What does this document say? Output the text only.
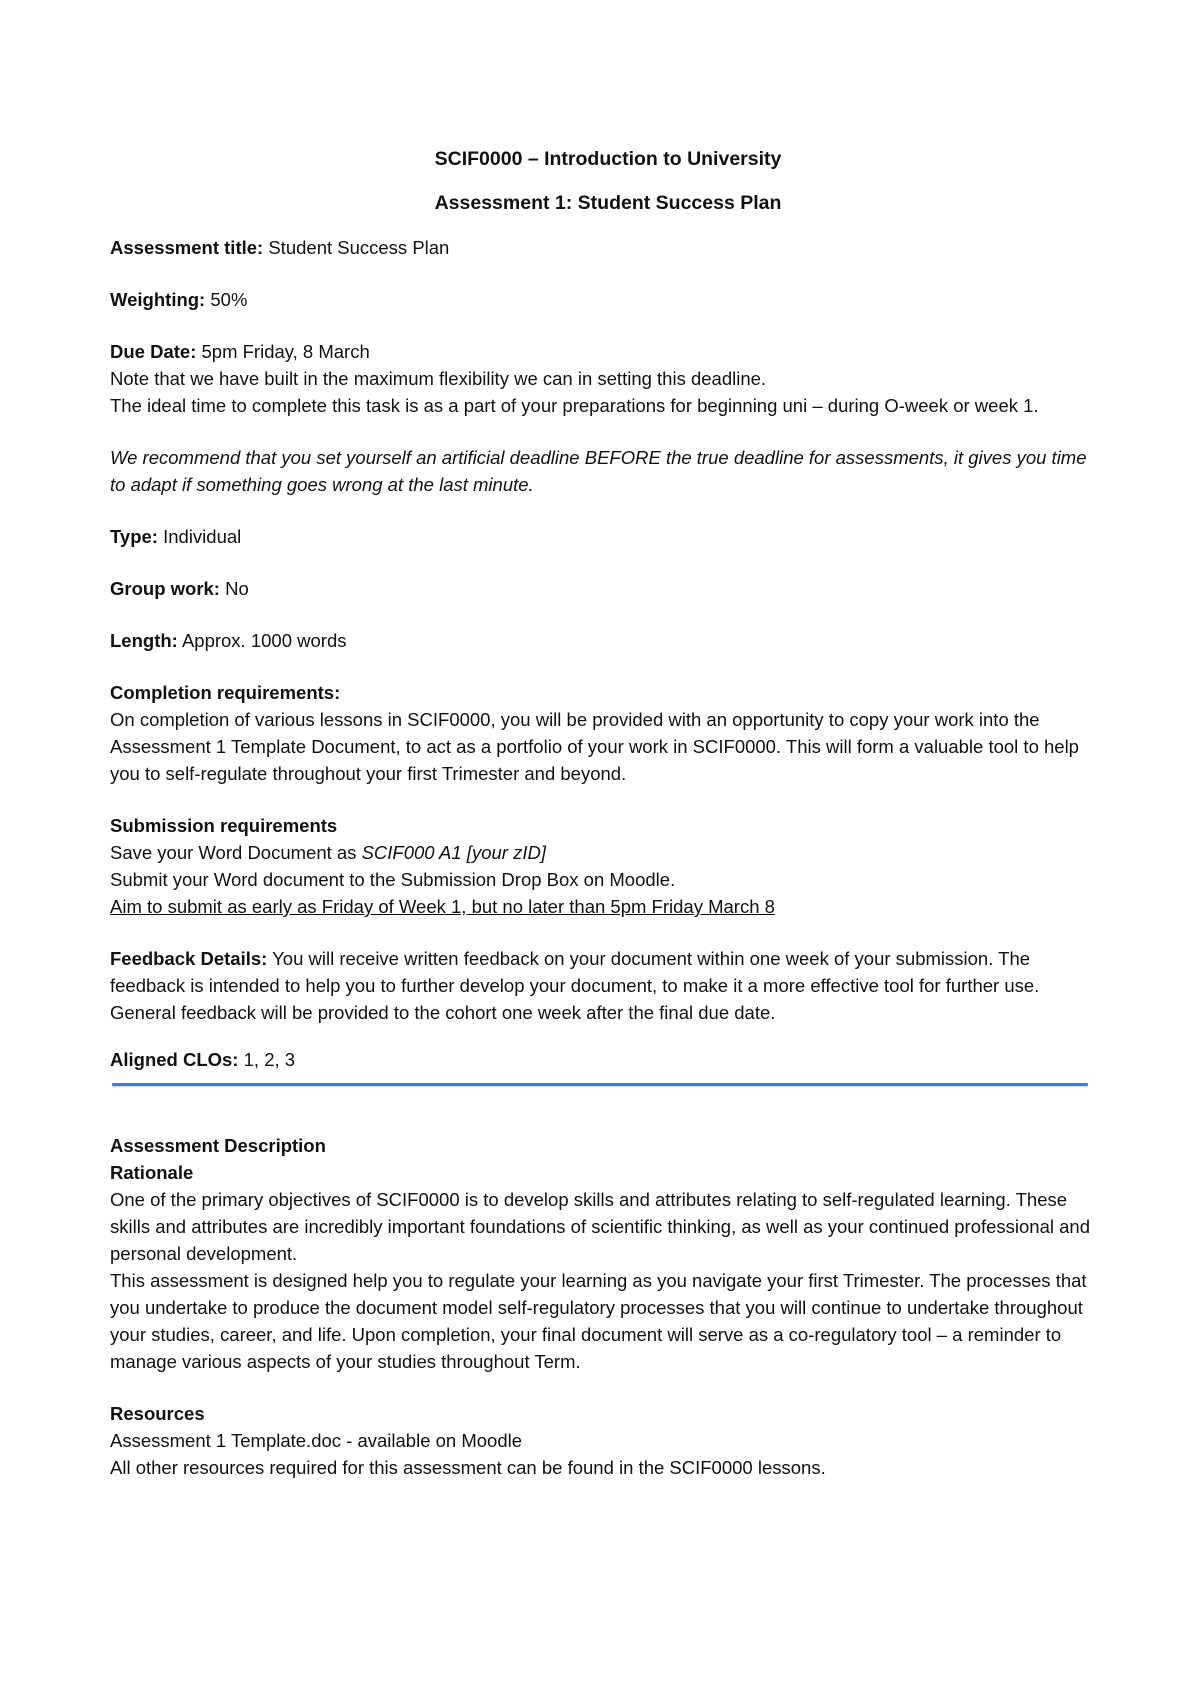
SCIF0000 – Introduction to University
Assessment 1: Student Success Plan
Assessment title: Student Success Plan
Weighting: 50%
Due Date: 5pm Friday, 8 March
Note that we have built in the maximum flexibility we can in setting this deadline.
The ideal time to complete this task is as a part of your preparations for beginning uni – during O-week or week 1.
We recommend that you set yourself an artificial deadline BEFORE the true deadline for assessments, it gives you time to adapt if something goes wrong at the last minute.
Type: Individual
Group work: No
Length: Approx. 1000 words
Completion requirements:
On completion of various lessons in SCIF0000, you will be provided with an opportunity to copy your work into the Assessment 1 Template Document, to act as a portfolio of your work in SCIF0000. This will form a valuable tool to help you to self-regulate throughout your first Trimester and beyond.
Submission requirements
Save your Word Document as SCIF000 A1 [your zID]
Submit your Word document to the Submission Drop Box on Moodle.
Aim to submit as early as Friday of Week 1, but no later than 5pm Friday March 8
Feedback Details: You will receive written feedback on your document within one week of your submission. The feedback is intended to help you to further develop your document, to make it a more effective tool for further use. General feedback will be provided to the cohort one week after the final due date.
Aligned CLOs: 1, 2, 3
Assessment Description
Rationale
One of the primary objectives of SCIF0000 is to develop skills and attributes relating to self-regulated learning. These skills and attributes are incredibly important foundations of scientific thinking, as well as your continued professional and personal development.
This assessment is designed help you to regulate your learning as you navigate your first Trimester. The processes that you undertake to produce the document model self-regulatory processes that you will continue to undertake throughout your studies, career, and life. Upon completion, your final document will serve as a co-regulatory tool – a reminder to manage various aspects of your studies throughout Term.
Resources
Assessment 1 Template.doc - available on Moodle
All other resources required for this assessment can be found in the SCIF0000 lessons.
